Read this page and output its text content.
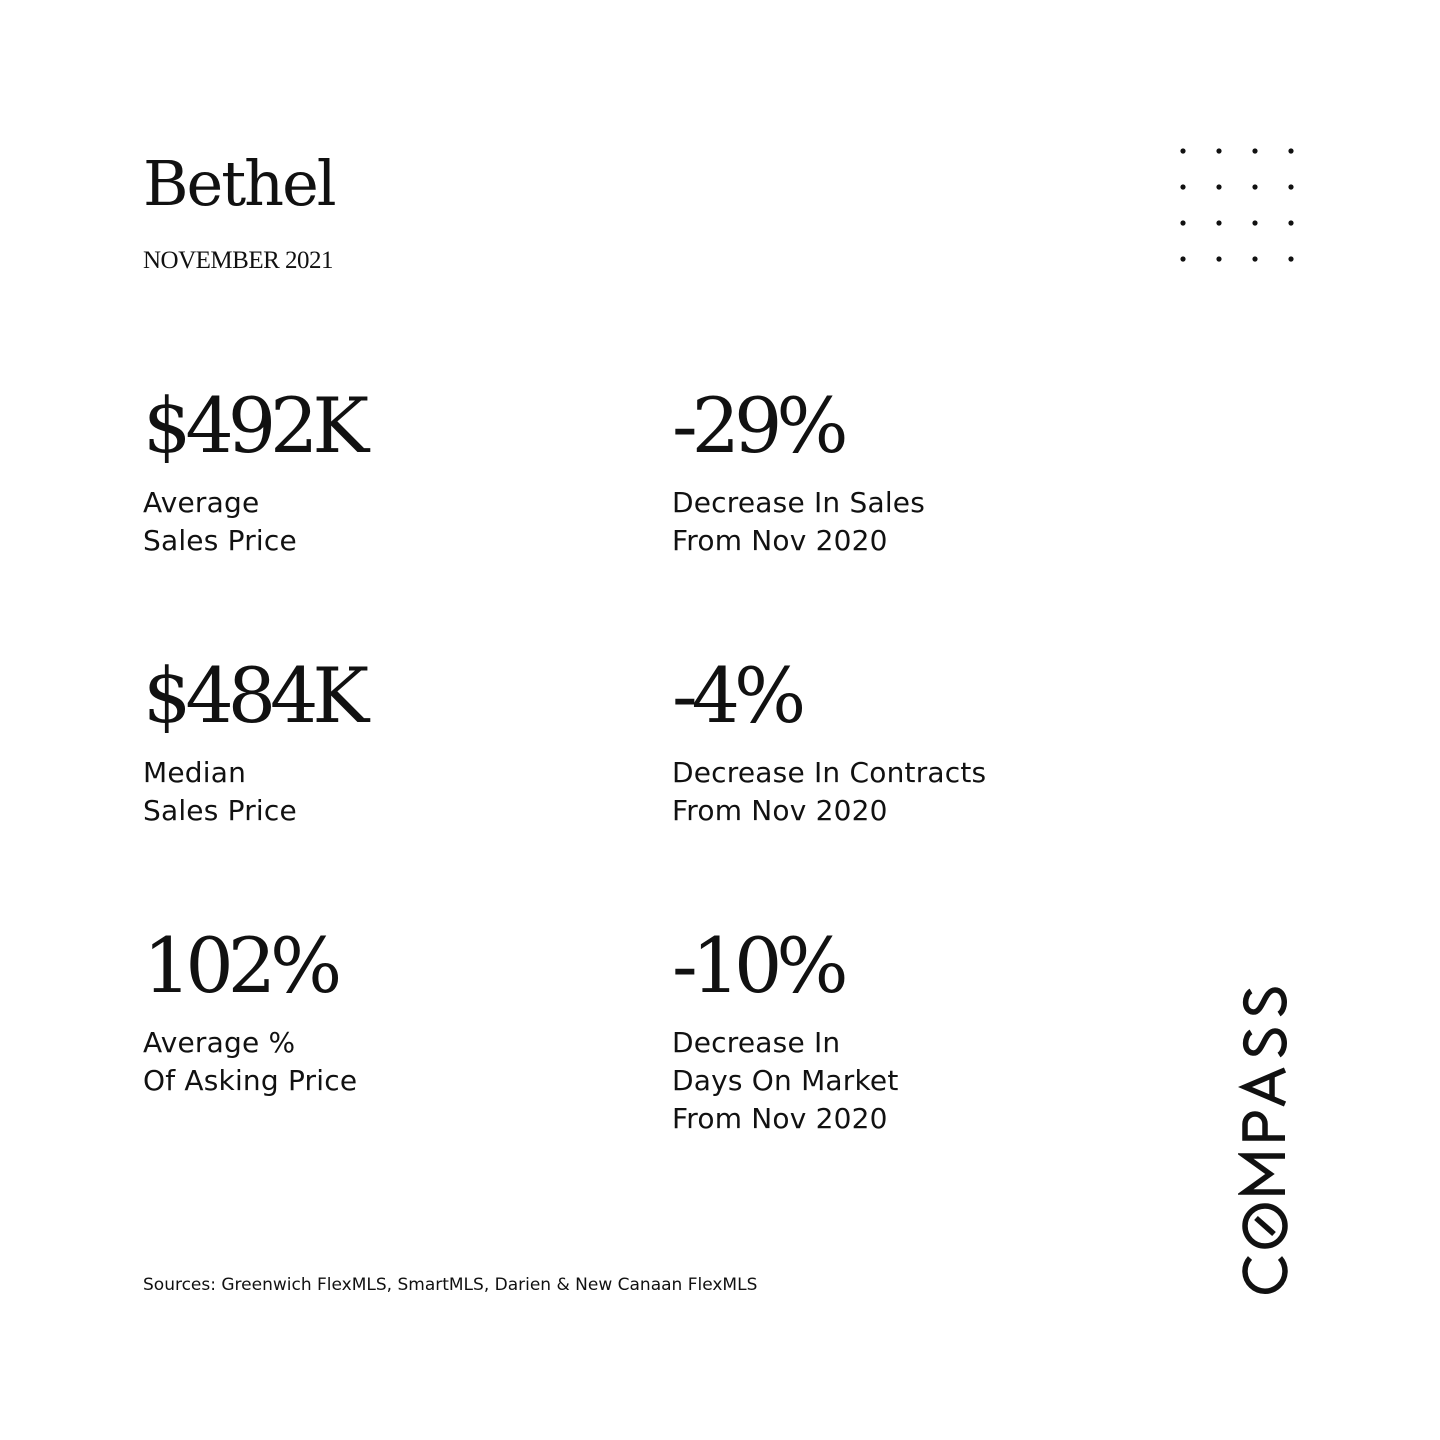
Bethel
NOVEMBER 2021
$492K
Average
Sales Price
-29%
Decrease In Sales
From Nov 2020
$484K
Median
Sales Price
-4%
Decrease In Contracts
From Nov 2020
102%
Average %
Of Asking Price
-10%
Decrease In
Days On Market
From Nov 2020
Sources: Greenwich FlexMLS, SmartMLS, Darien & New Canaan FlexMLS
